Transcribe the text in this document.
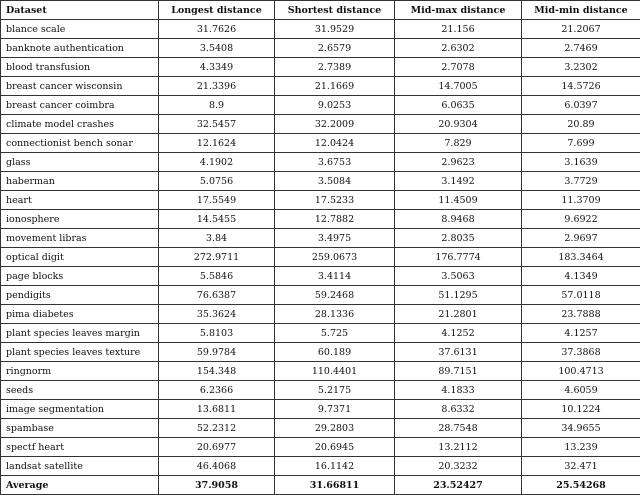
Dataset	Longest distance	Shortest distance	Mid-max distance	Mid-min distance
blance scale	31.7626	31.9529	21.156	21.2067
banknote authentication	3.5408	2.6579	2.6302	2.7469
blood transfusion	4.3349	2.7389	2.7078	3.2302
breast cancer wisconsin	21.3396	21.1669	14.7005	14.5726
breast cancer coimbra	8.9	9.0253	6.0635	6.0397
climate model crashes	32.5457	32.2009	20.9304	20.89
connectionist bench sonar	12.1624	12.0424	7.829	7.699
glass	4.1902	3.6753	2.9623	3.1639
haberman	5.0756	3.5084	3.1492	3.7729
heart	17.5549	17.5233	11.4509	11.3709
ionosphere	14.5455	12.7882	8.9468	9.6922
movement libras	3.84	3.4975	2.8035	2.9697
optical digit	272.9711	259.0673	176.7774	183.3464
page blocks	5.5846	3.4114	3.5063	4.1349
pendigits	76.6387	59.2468	51.1295	57.0118
pima diabetes	35.3624	28.1336	21.2801	23.7888
plant species leaves margin	5.8103	5.725	4.1252	4.1257
plant species leaves texture	59.9784	60.189	37.6131	37.3868
ringnorm	154.348	110.4401	89.7151	100.4713
seeds	6.2366	5.2175	4.1833	4.6059
image segmentation	13.6811	9.7371	8.6332	10.1224
spambase	52.2312	29.2803	28.7548	34.9655
spectf heart	20.6977	20.6945	13.2112	13.239
landsat satellite	46.4068	16.1142	20.3232	32.471
Average	37.9058	31.66811	23.52427	25.54268
